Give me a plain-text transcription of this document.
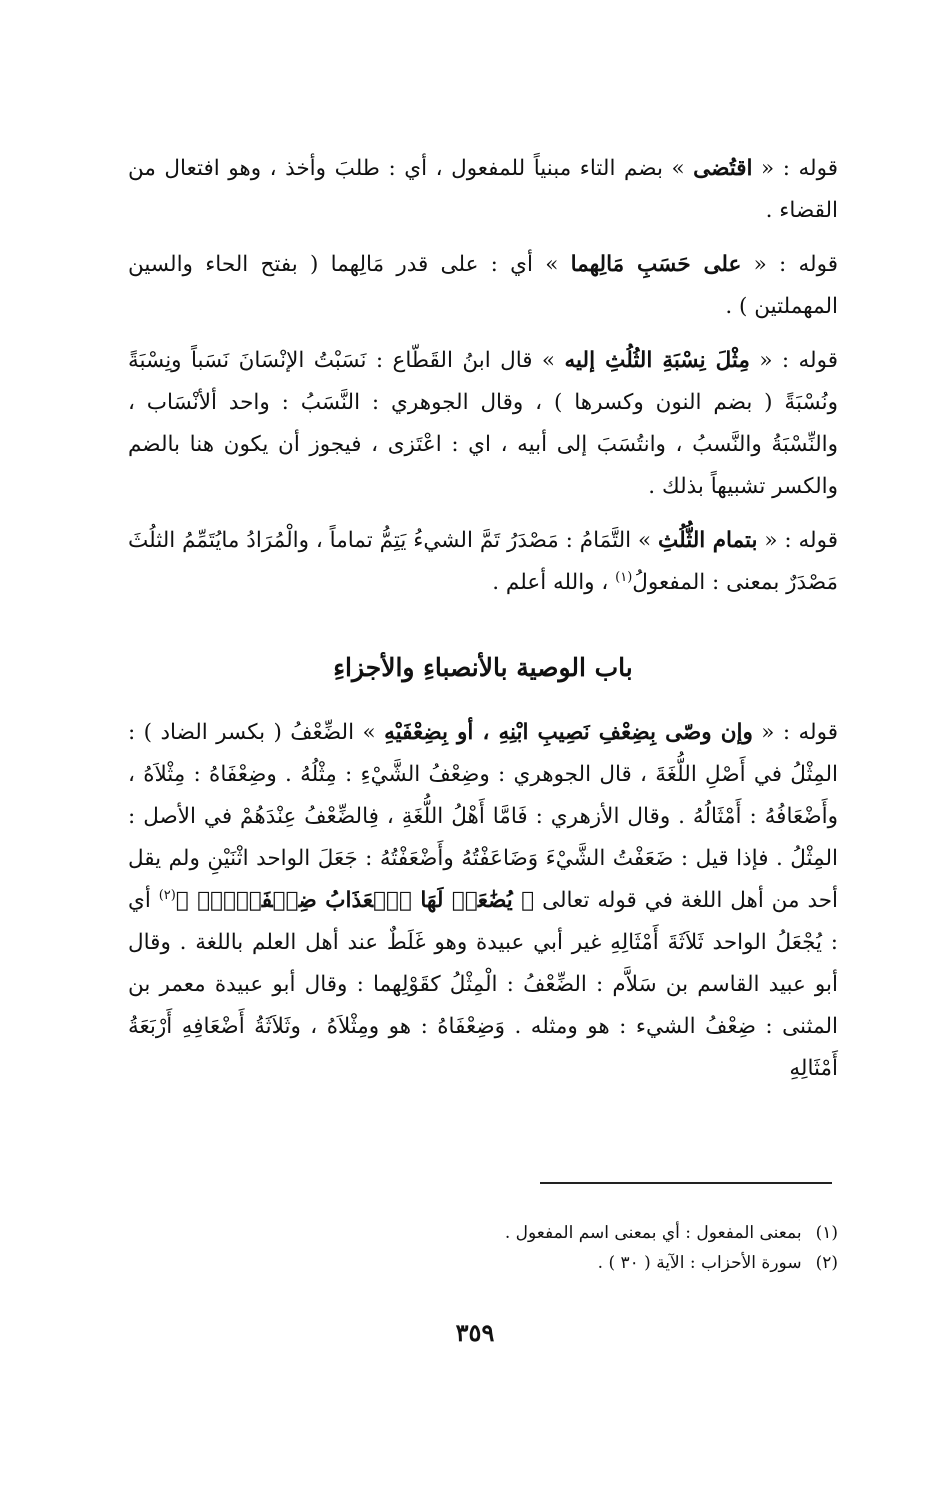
قوله : « اقتُضى » بضم التاء مبنياً للمفعول ، أي : طلبَ وأخذ ، وهو افتعال من القضاء .

قوله : « على حَسَبِ مَالِهما » أي : على قدر مَالِهما ( بفتح الحاء والسين المهملتين ) .

قوله : « مِثْلَ نِسْبَةِ الثُلُثِ إليه » قال ابنُ القَطّاع : نَسَبْتُ الإنْسَانَ نَسَباً ونِسْبَةً ونُسْبَةً ( بضم النون وكسرها ) ، وقال الجوهري : النَّسَبُ : واحد ألأنْسَاب ، والنِّسْبَةُ والنَّسبُ ، وانتُسَبَ إلى أبيه ، اي : اعْتَزى ، فيجوز أن يكون هنا بالضم والكسر تشبيهاً بذلك .

قوله : « بتمام الثُّلُثِ » التَّمَامُ : مَصْدَرُ تَمَّ الشيءُ يَتِمُّ تماماً ، والْمُرَادُ مايُتَمِّمُ الثلُثَ مَصْدَرٌ بمعنى : المفعولُ$^{(١)}$ ، والله أعلم .

باب الوصية بالأنصباءِ والأجزاءِ

قوله : « وإن وصّى بِضِعْفِ نَصِيبِ ابْنِهِ ، أو بِضِعْفَيْهِ » الضِّعْفُ ( بكسر الضاد ) : المِثْلُ في أَصْلِ اللُّغَةَ ، قال الجوهري : وضِعْفُ الشَّيْءِ : مِثْلُهُ . وضِعْفَاهُ : مِثْلاَهُ ، وأَضْعَافُهُ : أَمْثَالُهُ . وقال الأزهري : فَامَّا أَهْلُ اللُّغَةِ ، فِالضِّعْفُ عِنْدَهُمْ في الأصل : المِثْلُ . فإذا قيل : ضَعَفْتُ الشَّيْءَ وَضَاعَفْتُهُ وأَضْعَفْتُهُ : جَعَلَ الواحد اثْنَيْنِ ولم يقل أحد من أهل اللغة في قوله تعالى ﴿ يُضَٰعَفۡ لَهَا ٱلۡعَذَابُ ضِعۡفَيۡنِۚ ﴾$^{(٢)}$ أي : يُجْعَلُ الواحد ثَلاَثَةَ أَمْثَالِهِ غير أبي عبيدة وهو غَلَطٌ عند أهل العلم باللغة . وقال أبو عبيد القاسم بن سَلاَّم : الضِّعْفُ : الْمِثْلُ كقَوْلِهما : وقال أبو عبيدة معمر بن المثنى : ضِعْفُ الشيء : هو ومثله . وَضِعْفَاهُ : هو ومِثْلاَهُ ، وثَلاَثَةُ أَضْعَافِهِ أَرْبَعَةُ أَمْثَالِهِ

(١)بمعنى المفعول : أي بمعنى اسم المفعول .
(٢)سورة الأحزاب : الآية ( ٣٠ ) .
٣٥٩
